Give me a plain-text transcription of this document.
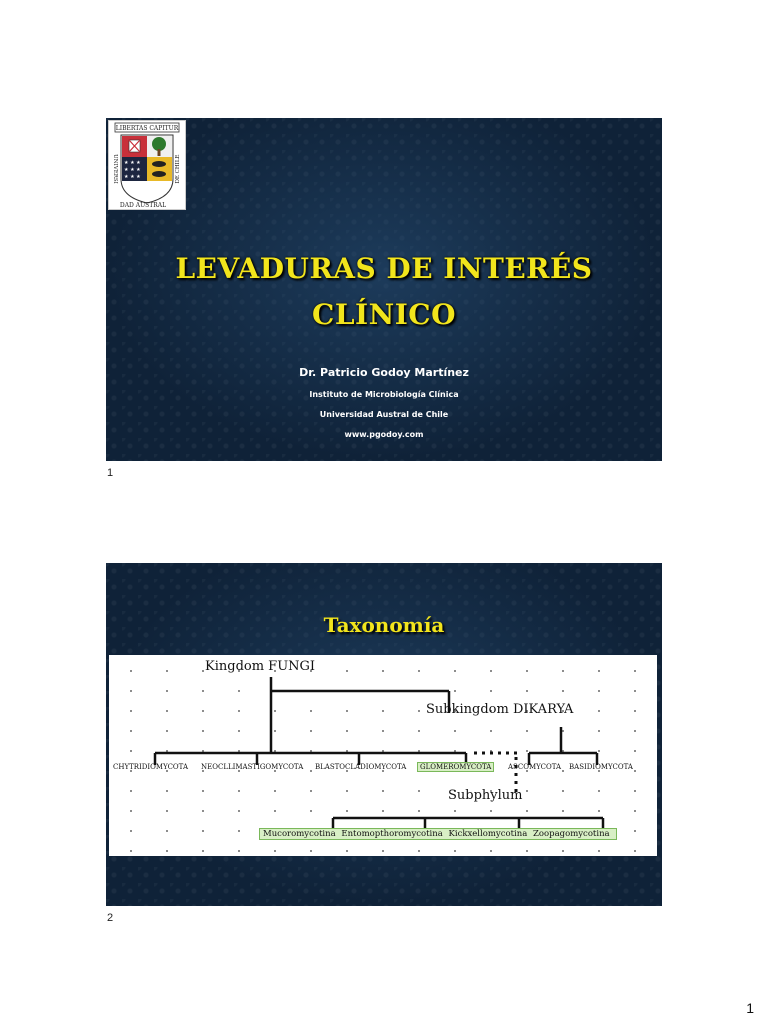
LIBERTAS CAPITUR
★ ★ ★
★ ★ ★
★ ★ ★
UNIVERSI	DE CHILE
DAD AUSTRAL
LEVADURAS DE INTERÉS
CLÍNICO
Dr. Patricio Godoy Martínez
Instituto de Microbiología Clínica
Universidad Austral de Chile
www.pgodoy.com
1
Taxonomía
Kingdom FUNGI
Subkingdom DIKARYA
Subphylum
CHYTRIDIOMYCOTA NEOCLLIMASTIGOMYCOTA BLASTOCLADIOMYCOTA	GLOMEROMYCOTA	ASCOMYCOTA BASIDIOMYCOTA
Mucoromycotina Entomopthoromycotina Kickxellomycotina Zoopagomycotina
2
1
